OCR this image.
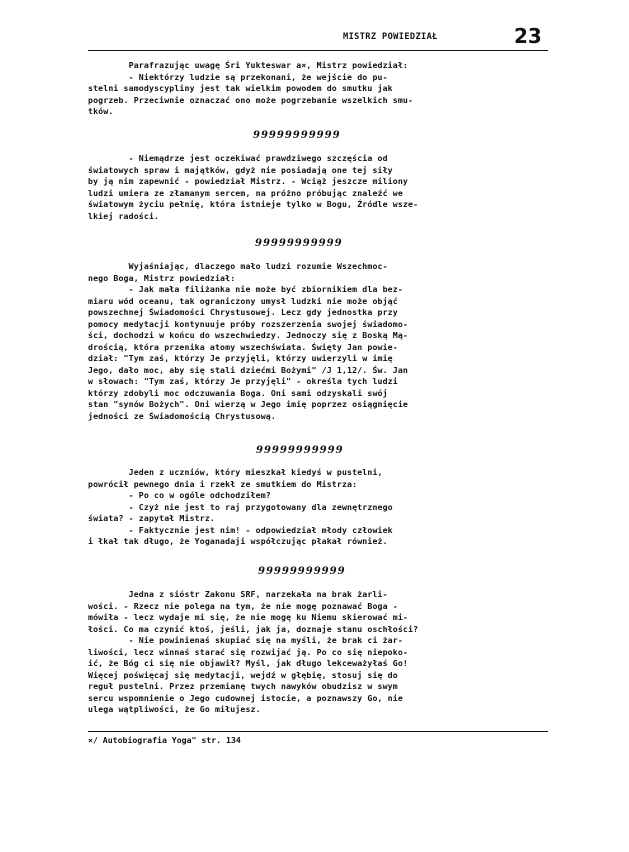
MISTRZ POWIEDZIAŁ	23
Parafrazując uwagę Śri Yukteswar a×, Mistrz powiedział:
- Niektórzy ludzie są przekonani, że wejście do pu-
stelni samodyscypliny jest tak wielkim powodem do smutku jak
pogrzeb. Przeciwnie oznaczać ono może pogrzebanie wszelkich smu-
tków.
99999999999
- Niemądrze jest oczekiwać prawdziwego szczęścia od
światowych spraw i majątków, gdyż nie posiadają one tej siły
by ją nim zapewnić - powiedział Mistrz. - Wciąż jeszcze miliony
ludzi umiera ze złamanym sercem, na próżno próbując znaleźć we
światowym życiu pełnię, która istnieje tylko w Bogu, Źródle wsze-
lkiej radości.
99999999999
Wyjaśniając, dlaczego mało ludzi rozumie Wszechmoc-
nego Boga, Mistrz powiedział:
- Jak mała filiżanka nie może być zbiornikiem dla bez-
miaru wód oceanu, tak ograniczony umysł ludzki nie może objąć
powszechnej Świadomości Chrystusowej. Lecz gdy jednostka przy
pomocy medytacji kontynuuje próby rozszerzenia swojej świadomo-
ści, dochodzi w końcu do wszechwiedzy. Jednoczy się z Boską Mą-
drością, która przenika atomy wszechświata. Święty Jan powie-
dział: "Tym zaś, którzy Je przyjęli, którzy uwierzyli w imię
Jego, dało moc, aby się stali dziećmi Bożymi" /J 1,12/. Św. Jan
w słowach: "Tym zaś, którzy Je przyjęli" - określa tych ludzi
którzy zdobyli moc odczuwania Boga. Oni sami odzyskali swój
stan "synów Bożych". Oni wierzą w Jego imię poprzez osiągnięcie
jedności ze Świadomością Chrystusową.
99999999999
Jeden z uczniów, który mieszkał kiedyś w pustelni,
powrócił pewnego dnia i rzekł ze smutkiem do Mistrza:
- Po co w ogóle odchodziłem?
- Czyż nie jest to raj przygotowany dla zewnętrznego
świata? - zapytał Mistrz.
- Faktycznie jest nim! - odpowiedział młody człowiek
i łkał tak długo, że Yoganadaji współczując płakał również.
99999999999
Jedna z sióstr Zakonu SRF, narzekała na brak żarli-
wości. - Rzecz nie polega na tym, że nie mogę poznawać Boga -
mówiła - lecz wydaje mi się, że nie mogę ku Niemu skierować mi-
łości. Co ma czynić ktoś, jeśli, jak ja, doznaje stanu oschłości?
- Nie powinienaś skupiać się na myśli, że brak ci żar-
liwości, lecz winnaś starać się rozwijać ją. Po co się niepoko-
ić, że Bóg ci się nie objawił? Myśl, jak długo lekceważyłaś Go!
Więcej poświęcaj się medytacji, wejdź w głębię, stosuj się do
reguł pustelni. Przez przemianę twych nawyków obudzisz w swym
sercu wspomnienie o Jego cudownej istocie, a poznawszy Go, nie
ulega wątpliwości, że Go miłujesz.
×/ Autobiografia Yoga" str. 134
